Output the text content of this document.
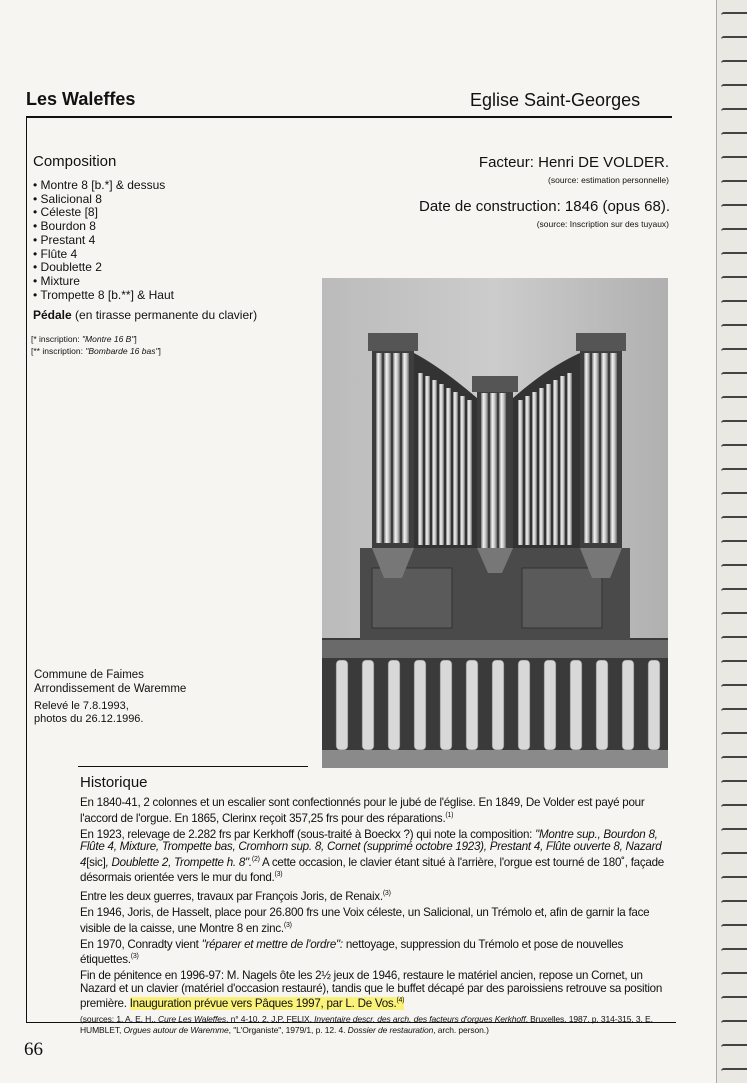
Les Waleffes	Eglise Saint-Georges
Composition
• Montre 8 [b.*] & dessus
• Salicional 8
• Céleste [8]
• Bourdon 8
• Prestant 4
• Flûte 4
• Doublette 2
• Mixture
• Trompette 8 [b.**] & Haut
Pédale (en tirasse permanente du clavier)
[* inscription: "Montre 16 B"]
[** inscription: "Bombarde 16 bas"]
Facteur: Henri DE VOLDER.
(source: estimation personnelle)
Date de construction: 1846 (opus 68).
(source: Inscription sur des tuyaux)
Commune de Faimes
Arrondissement de Waremme
Relevé le 7.8.1993,
photos du 26.12.1996.
Historique

En 1840-41, 2 colonnes et un escalier sont confectionnés pour le jubé de l'église. En 1849, De Volder est payé pour l'accord de l'orgue. En 1865, Clerinx reçoit 357,25 frs pour des réparations.$^{(1)}$

En 1923, relevage de 2.282 frs par Kerkhoff (sous-traité à Boeckx ?) qui note la composition: "Montre sup., Bourdon 8, Flûte 4, Mixture, Trompette bas, Cromhorn sup. 8, Cornet (supprimé octobre 1923), Prestant 4, Flûte ouverte 8, Nazard 4[sic], Doublette 2, Trompette h. 8".$^{(2)}$ A cette occasion, le clavier étant situé à l'arrière, l'orgue est tourné de 180˚, façade désormais orientée vers le mur du fond.$^{(3)}$

Entre les deux guerres, travaux par François Joris, de Renaix.$^{(3)}$

En 1946, Joris, de Hasselt, place pour 26.800 frs une Voix céleste, un Salicional, un Trémolo et, afin de garnir la face visible de la caisse, une Montre 8 en zinc.$^{(3)}$

En 1970, Conradty vient "réparer et mettre de l'ordre": nettoyage, suppression du Trémolo et pose de nouvelles étiquettes.$^{(3)}$

Fin de pénitence en 1996-97: M. Nagels ôte les 2½ jeux de 1946, restaure le matériel ancien, repose un Cornet, un Nazard et un clavier (matériel d'occasion restauré), tandis que le buffet décapé par des paroissiens retrouve sa position première. Inauguration prévue vers Pâques 1997, par L. De Vos.$^{(4)}$

(sources: 1. A. E. H., Cure Les Waleffes, n° 4-10. 2. J.P. FELIX, Inventaire descr. des arch. des facteurs d'orgues Kerkhoff, Bruxelles, 1987, p. 314-315. 3. E. HUMBLET, Orgues autour de Waremme, "L'Organiste", 1979/1, p. 12. 4. Dossier de restauration, arch. person.)

66
